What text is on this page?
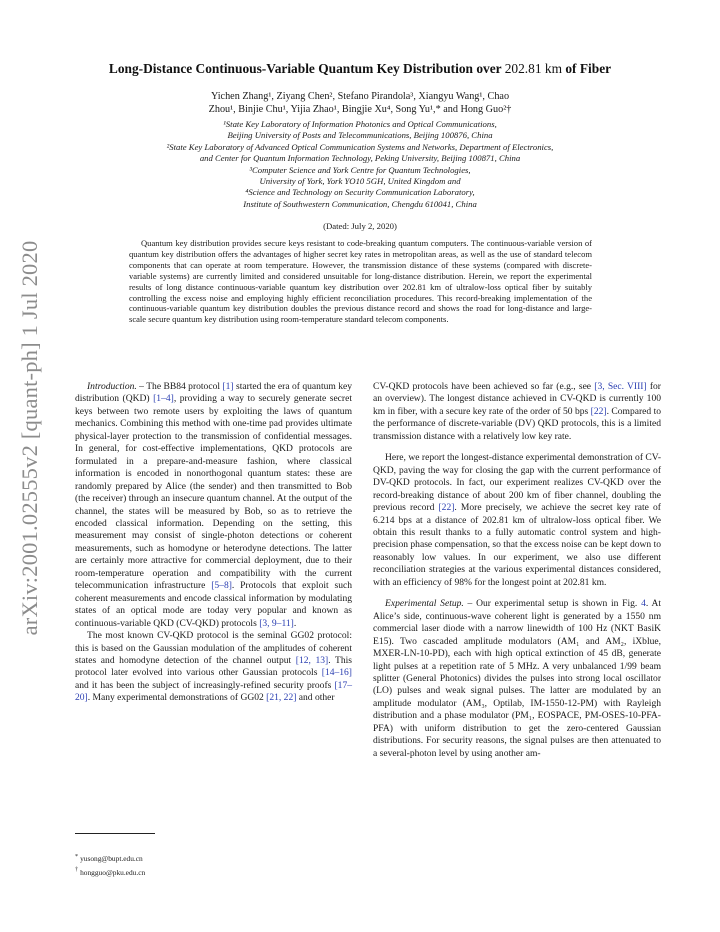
arXiv:2001.02555v2 [quant-ph] 1 Jul 2020
Long-Distance Continuous-Variable Quantum Key Distribution over 202.81 km of Fiber
Yichen Zhang¹, Ziyang Chen², Stefano Pirandola³, Xiangyu Wang¹, Chao
Zhou¹, Binjie Chu¹, Yijia Zhao¹, Bingjie Xu⁴, Song Yu¹,* and Hong Guo²†
¹State Key Laboratory of Information Photonics and Optical Communications,
Beijing University of Posts and Telecommunications, Beijing 100876, China
²State Key Laboratory of Advanced Optical Communication Systems and Networks, Department of Electronics,
and Center for Quantum Information Technology, Peking University, Beijing 100871, China
³Computer Science and York Centre for Quantum Technologies,
University of York, York YO10 5GH, United Kingdom and
⁴Science and Technology on Security Communication Laboratory,
Institute of Southwestern Communication, Chengdu 610041, China
(Dated: July 2, 2020)
Quantum key distribution provides secure keys resistant to code-breaking quantum computers. The continuous-variable version of quantum key distribution offers the advantages of higher secret key rates in metropolitan areas, as well as the use of standard telecom components that can operate at room temperature. However, the transmission distance of these systems (compared with discrete-variable systems) are currently limited and considered unsuitable for long-distance distribution. Herein, we report the experimental results of long distance continuous-variable quantum key distribution over 202.81 km of ultralow-loss optical fiber by suitably controlling the excess noise and employing highly efficient reconciliation procedures. This record-breaking implementation of the continuous-variable quantum key distribution doubles the previous distance record and shows the road for long-distance and large-scale secure quantum key distribution using room-temperature standard telecom components.

Introduction. – The BB84 protocol [1] started the era of quantum key distribution (QKD) [1–4], providing a way to securely generate secret keys between two remote users by exploiting the laws of quantum mechanics. Combining this method with one-time pad provides ultimate physical-layer protection to the transmission of confidential messages. In general, for cost-effective implementations, QKD protocols are formulated in a prepare-and-measure fashion, where classical information is encoded in nonorthogonal quantum states: these are randomly prepared by Alice (the sender) and then transmitted to Bob (the receiver) through an insecure quantum channel. At the output of the channel, the states will be measured by Bob, so as to retrieve the encoded classical information. Depending on the setting, this measurement may consist of single-photon detections or coherent measurements, such as homodyne or heterodyne detections. The latter are certainly more attractive for commercial deployment, due to their room-temperature operation and compatibility with the current telecommunication infrastructure [5–8]. Protocols that exploit such coherent measurements and encode classical information by modulating states of an optical mode are today very popular and known as continuous-variable QKD (CV-QKD) protocols [3, 9–11].

The most known CV-QKD protocol is the seminal GG02 protocol: this is based on the Gaussian modulation of the amplitudes of coherent states and homodyne detection of the channel output [12, 13]. This protocol later evolved into various other Gaussian protocols [14–16] and it has been the subject of increasingly-refined security proofs [17–20]. Many experimental demonstrations of GG02 [21, 22] and other

CV-QKD protocols have been achieved so far (e.g., see [3, Sec. VIII] for an overview). The longest distance achieved in CV-QKD is currently 100 km in fiber, with a secure key rate of the order of 50 bps [22]. Compared to the performance of discrete-variable (DV) QKD protocols, this is a limited transmission distance with a relatively low key rate.

Here, we report the longest-distance experimental demonstration of CV-QKD, paving the way for closing the gap with the current performance of DV-QKD protocols. In fact, our experiment realizes CV-QKD over the record-breaking distance of about 200 km of fiber channel, doubling the previous record [22]. More precisely, we achieve the secret key rate of 6.214 bps at a distance of 202.81 km of ultralow-loss optical fiber. We obtain this result thanks to a fully automatic control system and high-precision phase compensation, so that the excess noise can be kept down to reasonably low values. In our experiment, we also use different reconciliation strategies at the various experimental distances considered, with an efficiency of 98% for the longest point at 202.81 km.

Experimental Setup. – Our experimental setup is shown in Fig. 4. At Alice’s side, continuous-wave coherent light is generated by a 1550 nm commercial laser diode with a narrow linewidth of 100 Hz (NKT BasiK E15). Two cascaded amplitude modulators (AM₁ and AM₂, iXblue, MXER-LN-10-PD), each with high optical extinction of 45 dB, generate light pulses at a repetition rate of 5 MHz. A very unbalanced 1/99 beam splitter (General Photonics) divides the pulses into strong local oscillator (LO) pulses and weak signal pulses. The latter are modulated by an amplitude modulator (AM₃, Optilab, IM-1550-12-PM) with Rayleigh distribution and a phase modulator (PM₁, EOSPACE, PM-OSES-10-PFA-PFA) with uniform distribution to get the zero-centered Gaussian distributions. For security reasons, the signal pulses are then attenuated to a several-photon level by using another am-

* yusong@bupt.edu.cn
† hongguo@pku.edu.cn
